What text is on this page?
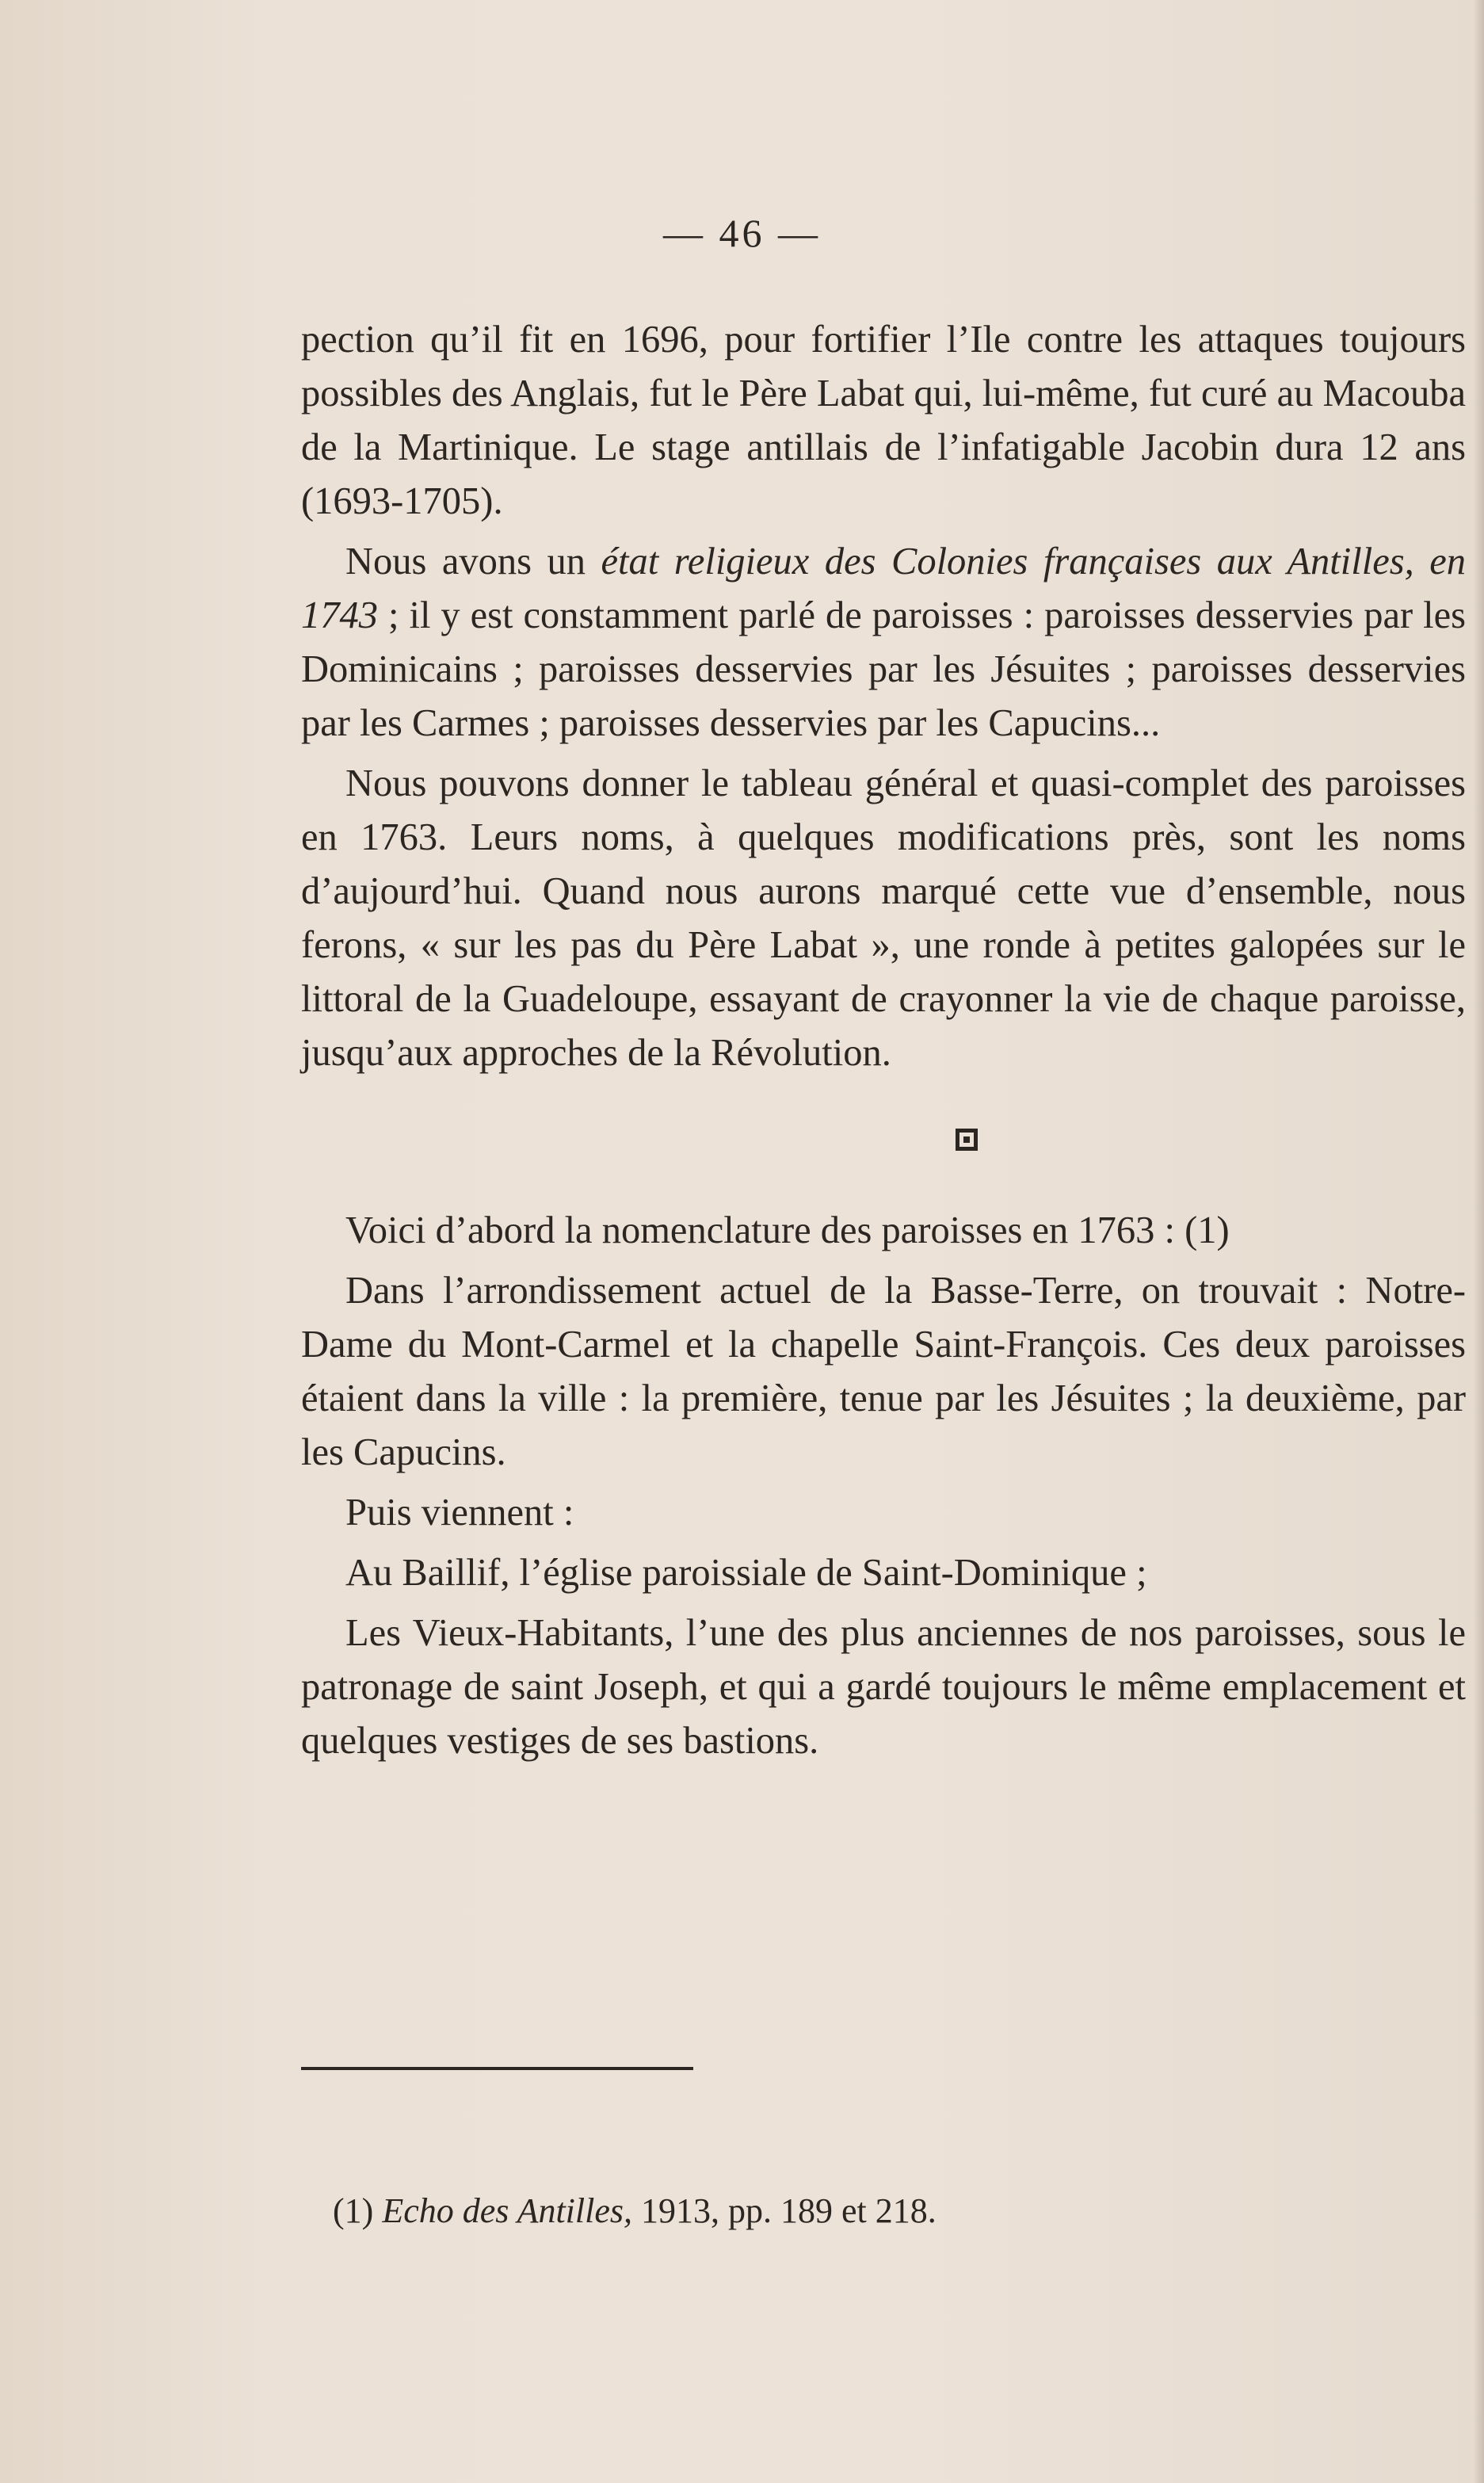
— 46 —

pection qu’il fit en 1696, pour fortifier l’Ile contre les attaques toujours possibles des Anglais, fut le Père Labat qui, lui-même, fut curé au Macouba de la Martinique. Le stage antillais de l’infatigable Jacobin dura 12 ans (1693-1705).

Nous avons un état religieux des Colonies françaises aux Antilles, en 1743 ; il y est constamment parlé de paroisses : paroisses desservies par les Dominicains ; paroisses desservies par les Jésuites ; paroisses desservies par les Carmes ; paroisses desservies par les Capucins...

Nous pouvons donner le tableau général et quasi-complet des paroisses en 1763. Leurs noms, à quelques modifications près, sont les noms d’aujourd’hui. Quand nous aurons marqué cette vue d’ensemble, nous ferons, « sur les pas du Père Labat », une ronde à petites galopées sur le littoral de la Guadeloupe, essayant de crayonner la vie de chaque paroisse, jusqu’aux approches de la Révolution.

Voici d’abord la nomenclature des paroisses en 1763 : (1)

Dans l’arrondissement actuel de la Basse-Terre, on trouvait : Notre-Dame du Mont-Carmel et la chapelle Saint-François. Ces deux paroisses étaient dans la ville : la première, tenue par les Jésuites ; la deuxième, par les Capucins.

Puis viennent :

Au Baillif, l’église paroissiale de Saint-Dominique ;

Les Vieux-Habitants, l’une des plus anciennes de nos paroisses, sous le patronage de saint Joseph, et qui a gardé toujours le même emplacement et quelques vestiges de ses bastions.

(1) Echo des Antilles, 1913, pp. 189 et 218.
